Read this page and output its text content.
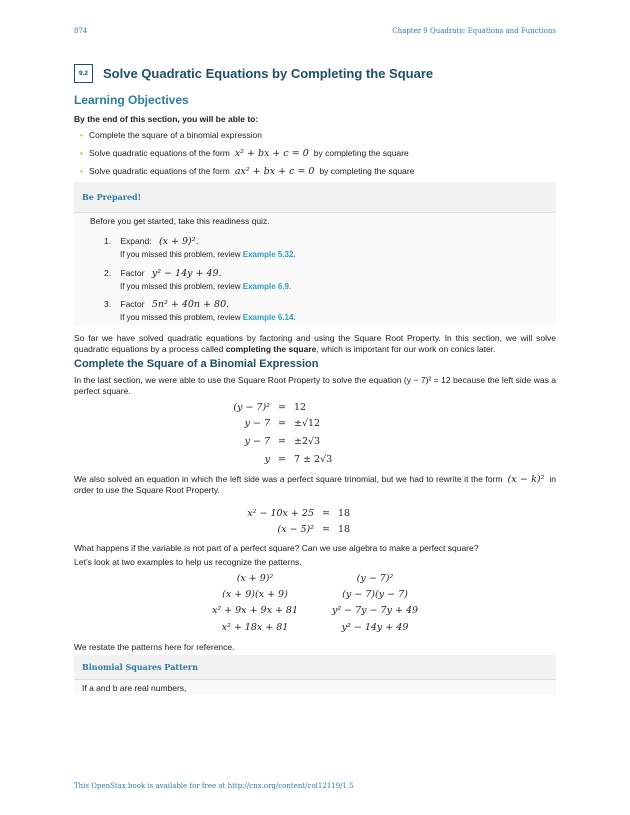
874	Chapter 9 Quadratic Equations and Functions
9.2	Solve Quadratic Equations by Completing the Square
Learning Objectives
By the end of this section, you will be able to:
• Complete the square of a binomial expression
• Solve quadratic equations of the form x² + bx + c = 0 by completing the square
• Solve quadratic equations of the form ax² + bx + c = 0 by completing the square
Be Prepared!
Before you get started, take this readiness quiz.
1. Expand: (x + 9)².
If you missed this problem, review Example 5.32.
2. Factor y² − 14y + 49.
If you missed this problem, review Example 6.9.
3. Factor 5n² + 40n + 80.
If you missed this problem, review Example 6.14.
So far we have solved quadratic equations by factoring and using the Square Root Property. In this section, we will solve quadratic equations by a process called completing the square, which is important for our work on conics later.
Complete the Square of a Binomial Expression
In the last section, we were able to use the Square Root Property to solve the equation (y − 7)² = 12 because the left side was a perfect square.
(y − 7)² = 12
y − 7 = ±√12
y − 7 = ±2√3
y = 7 ± 2√3
We also solved an equation in which the left side was a perfect square trinomial, but we had to rewrite it the form (x − k)² in order to use the Square Root Property.
x² − 10x + 25 = 18
(x − 5)² = 18
What happens if the variable is not part of a perfect square? Can we use algebra to make a perfect square?
Let’s look at two examples to help us recognize the patterns.
(x + 9)²
(x + 9)(x + 9)
x² + 9x + 9x + 81
x² + 18x + 81
(y − 7)²
(y − 7)(y − 7)
y² − 7y − 7y + 49
y² − 14y + 49
We restate the patterns here for reference.
Binomial Squares Pattern
If a and b are real numbers,
This OpenStax book is available for free at http://cnx.org/content/col12119/1.5
